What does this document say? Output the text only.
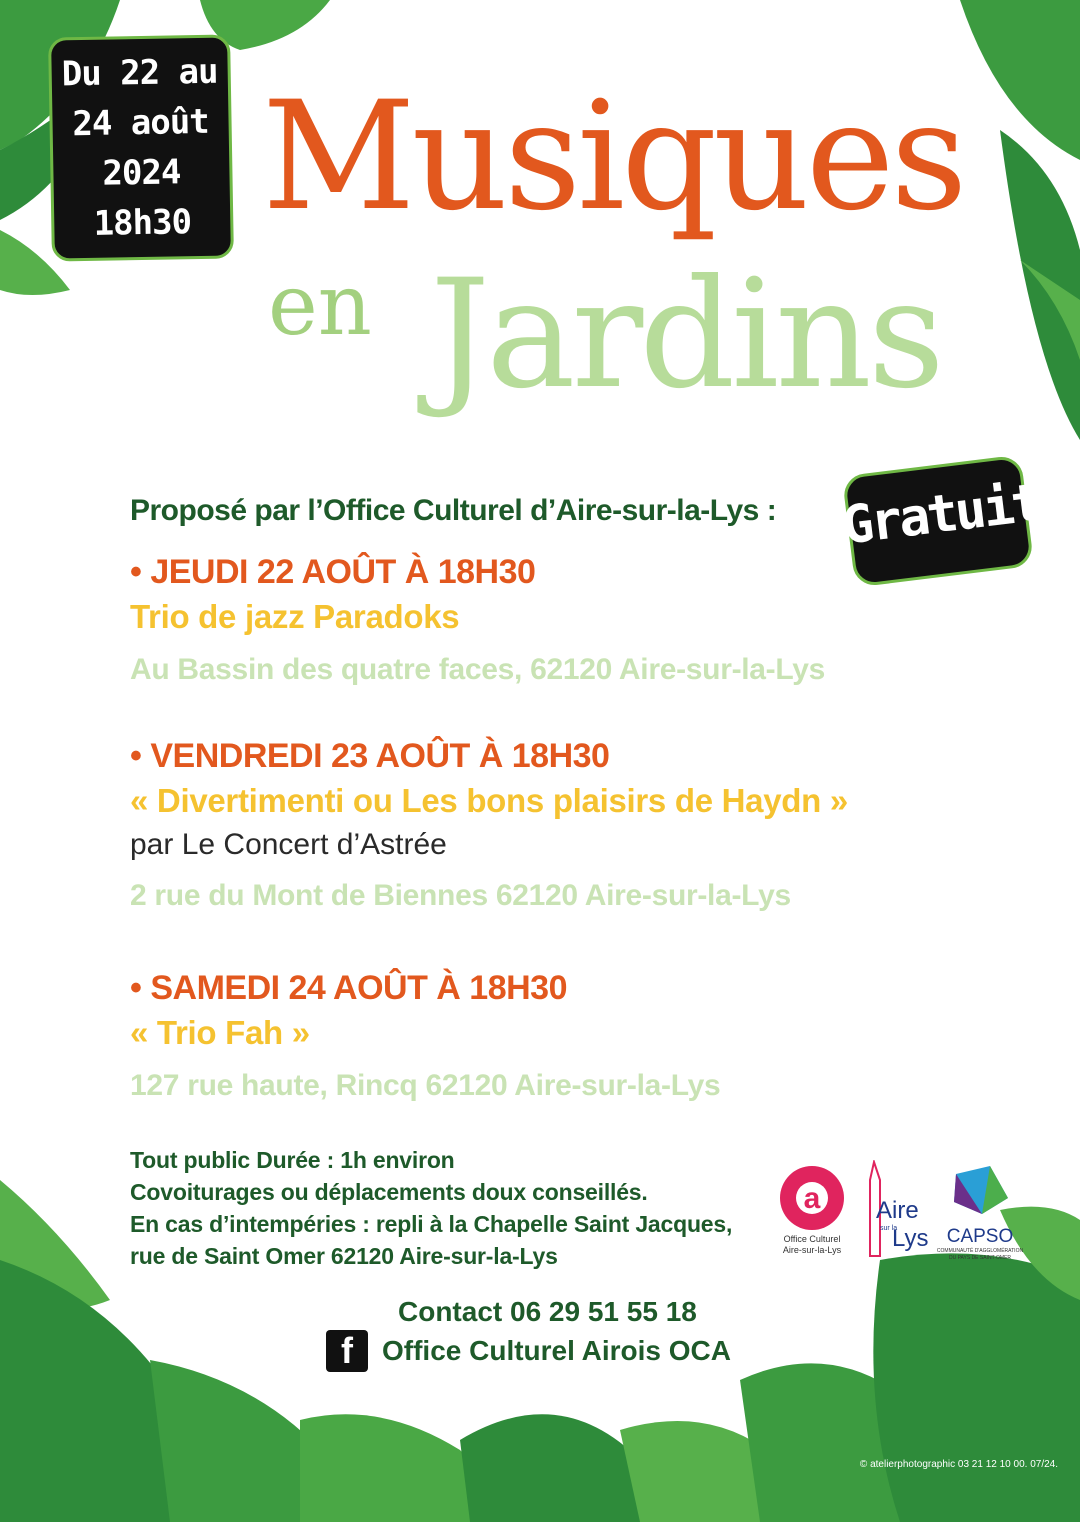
Du 22 au
24 août
2024
18h30 Musiques
en Jardins
Gratuit
Proposé par l’Office Culturel d’Aire-sur-la-Lys :
• JEUDI 22 AOÛT À 18H30
Trio de jazz Paradoks
Au Bassin des quatre faces, 62120 Aire-sur-la-Lys
• VENDREDI 23 AOÛT À 18H30
« Divertimenti ou Les bons plaisirs de Haydn »
par Le Concert d’Astrée
2 rue du Mont de Biennes 62120 Aire-sur-la-Lys
• SAMEDI 24 AOÛT À 18H30
« Trio Fah »
127 rue haute, Rincq 62120 Aire-sur-la-Lys
Tout public Durée : 1h environ
Covoiturages ou déplacements doux conseillés.
En cas d’intempéries : repli à la Chapelle Saint Jacques,
rue de Saint Omer 62120 Aire-sur-la-Lys
a
Office Culturel
Aire-sur-la-Lys
Aire
sur la
Lys CAPSO
COMMUNAUTÉ D'AGGLOMÉRATION
DU PAYS DE SAINT-OMER
Contact 06 29 51 55 18
f	Office Culturel Airois OCA
© atelierphotographic 03 21 12 10 00. 07/24.
